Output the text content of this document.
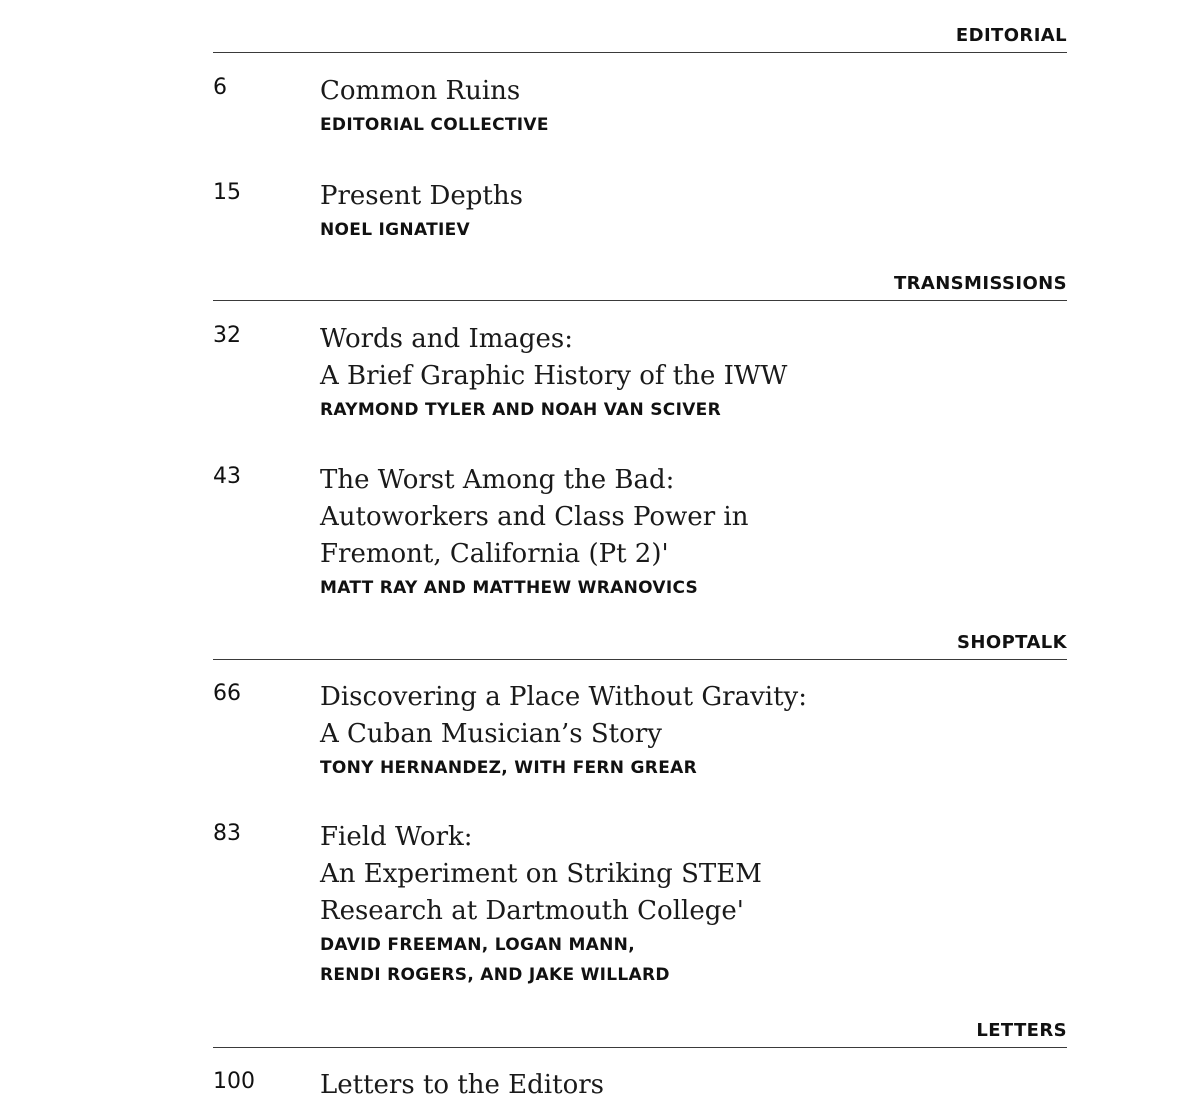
EDITORIAL
6	Common Ruins
EDITORIAL COLLECTIVE
15	Present Depths
NOEL IGNATIEV
TRANSMISSIONS
32	Words and Images:
A Brief Graphic History of the IWW
RAYMOND TYLER AND NOAH VAN SCIVER
43	The Worst Among the Bad:
Autoworkers and Class Power in
Fremont, California (Pt 2)'
MATT RAY AND MATTHEW WRANOVICS
SHOPTALK
66	Discovering a Place Without Gravity:
A Cuban Musician’s Story
TONY HERNANDEZ, WITH FERN GREAR
83	Field Work:
An Experiment on Striking STEM
Research at Dartmouth College'
DAVID FREEMAN, LOGAN MANN,
RENDI ROGERS, AND JAKE WILLARD
LETTERS
100	Letters to the Editors
